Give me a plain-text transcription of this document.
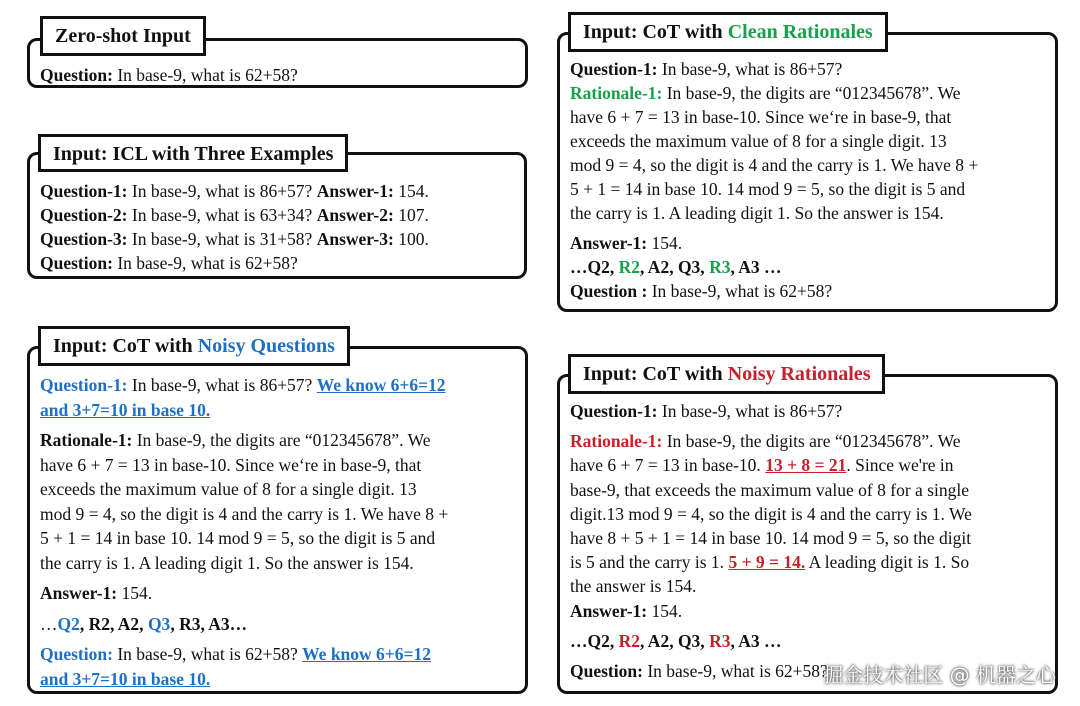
Question: In base-9, what is 62+58?
Zero-shot Input
Question-1: In base-9, what is 86+57? Answer-1: 154.
Question-2: In base-9, what is 63+34? Answer-2: 107.
Question-3: In base-9, what is 31+58? Answer-3: 100.
Question: In base-9, what is 62+58?
Input: ICL with Three Examples
Question-1: In base-9, what is 86+57? We know 6+6=12
and 3+7=10 in base 10.
Rationale-1: In base-9, the digits are “012345678”. We
have 6 + 7 = 13 in base-10. Since we‘re in base-9, that
exceeds the maximum value of 8 for a single digit. 13
mod 9 = 4, so the digit is 4 and the carry is 1. We have 8 +
5 + 1 = 14 in base 10. 14 mod 9 = 5, so the digit is 5 and
the carry is 1. A leading digit 1. So the answer is 154.
Answer-1: 154.
…Q2, R2, A2, Q3, R3, A3…
Question: In base-9, what is 62+58? We know 6+6=12
and 3+7=10 in base 10.
Input: CoT with Noisy Questions
Question-1: In base-9, what is 86+57?
Rationale-1: In base-9, the digits are “012345678”. We
have 6 + 7 = 13 in base-10. Since we‘re in base-9, that
exceeds the maximum value of 8 for a single digit. 13
mod 9 = 4, so the digit is 4 and the carry is 1. We have 8 +
5 + 1 = 14 in base 10. 14 mod 9 = 5, so the digit is 5 and
the carry is 1. A leading digit 1. So the answer is 154.
Answer-1: 154.
…Q2, R2, A2, Q3, R3, A3 …
Question : In base-9, what is 62+58?
Input: CoT with Clean Rationales
Question-1: In base-9, what is 86+57?
Rationale-1: In base-9, the digits are “012345678”. We
have 6 + 7 = 13 in base-10. 13 + 8 = 21. Since we're in
base-9, that exceeds the maximum value of 8 for a single
digit.13 mod 9 = 4, so the digit is 4 and the carry is 1. We
have 8 + 5 + 1 = 14 in base 10. 14 mod 9 = 5, so the digit
is 5 and the carry is 1. 5 + 9 = 14. A leading digit is 1. So
the answer is 154.
Answer-1: 154.
…Q2, R2, A2, Q3, R3, A3 …
Question: In base-9, what is 62+58?
Input: CoT with Noisy Rationales
掘金技术社区 @ 机器之心
